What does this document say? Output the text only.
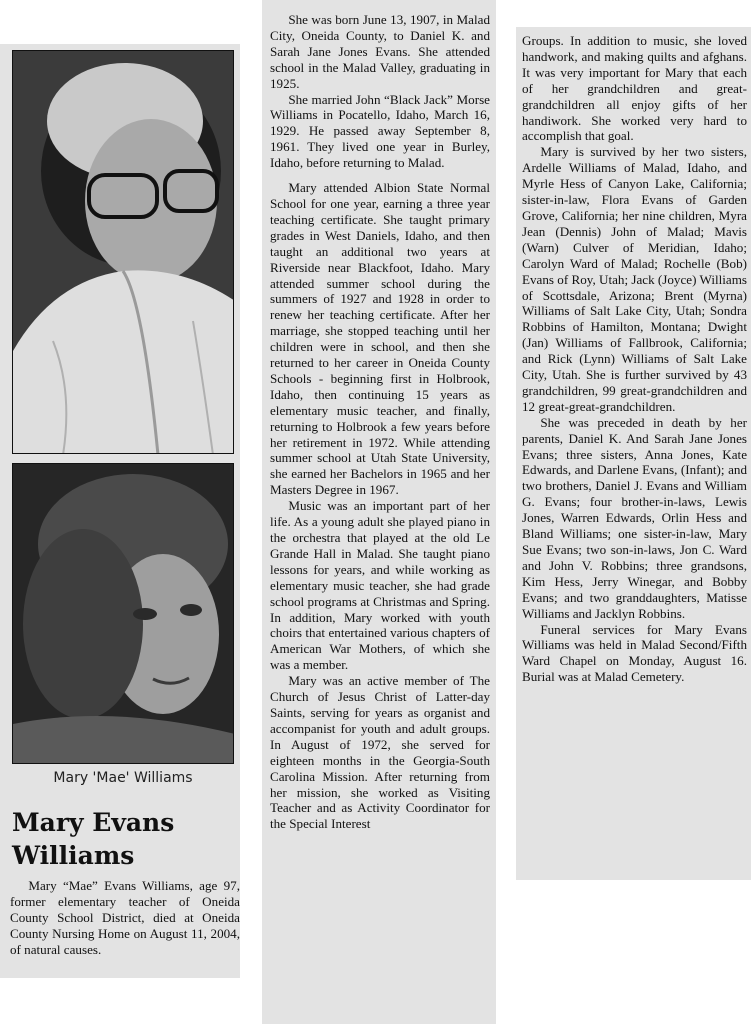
Mary 'Mae' Williams
Mary Evans
Williams

Mary “Mae” Evans Williams, age 97, former elementary teacher of Oneida County School District, died at Oneida County Nursing Home on August 11, 2004, of natural causes.

She was born June 13, 1907, in Malad City, Oneida County, to Daniel K. and Sarah Jane Jones Evans. She attended school in the Malad Valley, graduating in 1925.

She married John “Black Jack” Morse Williams in Pocatello, Idaho, March 16, 1929. He passed away September 8, 1961. They lived one year in Burley, Idaho, before returning to Malad.

Mary attended Albion State Normal School for one year, earning a three year teaching certificate. She taught primary grades in West Daniels, Idaho, and then taught an additional two years at Riverside near Blackfoot, Idaho. Mary attended summer school during the summers of 1927 and 1928 in order to renew her teaching certificate. After her marriage, she stopped teaching until her children were in school, and then she returned to her career in Oneida County Schools - beginning first in Holbrook, Idaho, then continuing 15 years as elementary music teacher, and finally, returning to Holbrook a few years before her retirement in 1972. While attending summer school at Utah State University, she earned her Bachelors in 1965 and her Masters Degree in 1967.

Music was an important part of her life. As a young adult she played piano in the orchestra that played at the old Le Grande Hall in Malad. She taught piano lessons for years, and while working as elementary music teacher, she had grade school programs at Christmas and Spring. In addition, Mary worked with youth choirs that entertained various chapters of American War Mothers, of which she was a member.

Mary was an active member of The Church of Jesus Christ of Latter-day Saints, serving for years as organist and accompanist for youth and adult groups. In August of 1972, she served for eighteen months in the Georgia-South Carolina Mission. After returning from her mission, she worked as Visiting Teacher and as Activity Coordinator for the Special Interest

Groups. In addition to music, she loved handwork, and making quilts and afghans. It was very important for Mary that each of her grandchildren and great-grandchildren all enjoy gifts of her handiwork. She worked very hard to accomplish that goal.

Mary is survived by her two sisters, Ardelle Williams of Malad, Idaho, and Myrle Hess of Canyon Lake, California; sister-in-law, Flora Evans of Garden Grove, California; her nine children, Myra Jean (Dennis) John of Malad; Mavis (Warn) Culver of Meridian, Idaho; Carolyn Ward of Malad; Rochelle (Bob) Evans of Roy, Utah; Jack (Joyce) Williams of Scottsdale, Arizona; Brent (Myrna) Williams of Salt Lake City, Utah; Sondra Robbins of Hamilton, Montana; Dwight (Jan) Williams of Fallbrook, California; and Rick (Lynn) Williams of Salt Lake City, Utah. She is further survived by 43 grandchildren, 99 great-grandchildren and 12 great-great-grandchildren.

She was preceded in death by her parents, Daniel K. And Sarah Jane Jones Evans; three sisters, Anna Jones, Kate Edwards, and Darlene Evans, (Infant); and two brothers, Daniel J. Evans and William G. Evans; four brother-in-laws, Lewis Jones, Warren Edwards, Orlin Hess and Bland Williams; one sister-in-law, Mary Sue Evans; two son-in-laws, Jon C. Ward and John V. Robbins; three grandsons, Kim Hess, Jerry Winegar, and Bobby Evans; and two granddaughters, Matisse Williams and Jacklyn Robbins.

Funeral services for Mary Evans Williams was held in Malad Second/Fifth Ward Chapel on Monday, August 16. Burial was at Malad Cemetery.
